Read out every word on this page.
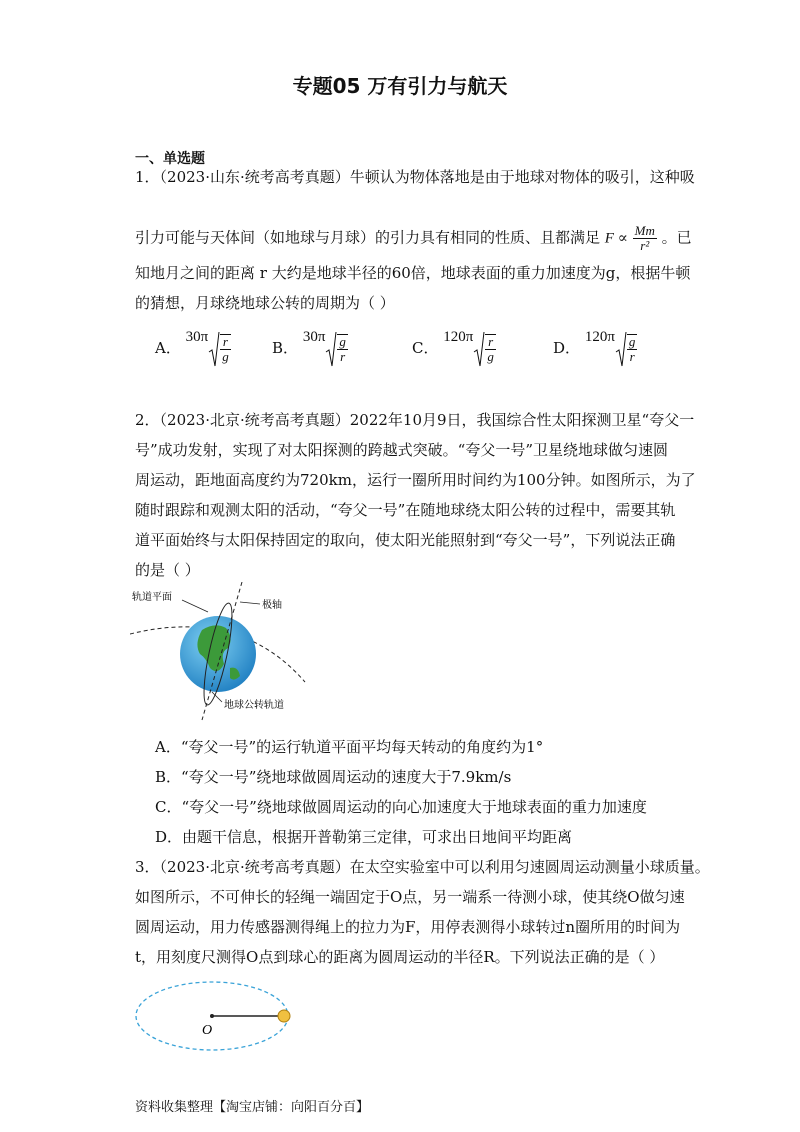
专题05 万有引力与航天
一、单选题
1．（2023·山东·统考高考真题）牛顿认为物体落地是由于地球对物体的吸引，这种吸
引力可能与天体间（如地球与月球）的引力具有相同的性质、且都满足 $F \propto \frac{Mm}{\text{r²}}$ 。已
知地月之间的距离 r 大约是地球半径的60倍，地球表面的重力加速度为g，根据牛顿
的猜想，月球绕地球公转的周期为（ ）
A． $30\pi \frac{r}{g}$	B． $30\pi \frac{g}{r}$	C． $120\pi \frac{r}{g}$	D． $120\pi \frac{g}{r}$
2．（2023·北京·统考高考真题）2022年10月9日，我国综合性太阳探测卫星“夸父一
号”成功发射，实现了对太阳探测的跨越式突破。“夸父一号”卫星绕地球做匀速圆
周运动，距地面高度约为720km，运行一圈所用时间约为100分钟。如图所示，为了
随时跟踪和观测太阳的活动，“夸父一号”在随地球绕太阳公转的过程中，需要其轨
道平面始终与太阳保持固定的取向，使太阳光能照射到“夸父一号”，下列说法正确
的是（ ）
轨道平面
极轴
地球公转轨道
A．“夸父一号”的运行轨道平面平均每天转动的角度约为1°
B．“夸父一号”绕地球做圆周运动的速度大于7.9km/s
C．“夸父一号”绕地球做圆周运动的向心加速度大于地球表面的重力加速度
D．由题干信息，根据开普勒第三定律，可求出日地间平均距离
3．（2023·北京·统考高考真题）在太空实验室中可以利用匀速圆周运动测量小球质量。
如图所示，不可伸长的轻绳一端固定于O点，另一端系一待测小球，使其绕O做匀速
圆周运动，用力传感器测得绳上的拉力为F，用停表测得小球转过n圈所用的时间为
t，用刻度尺测得O点到球心的距离为圆周运动的半径R。下列说法正确的是（ ）
O
资料收集整理【淘宝店铺：向阳百分百】
